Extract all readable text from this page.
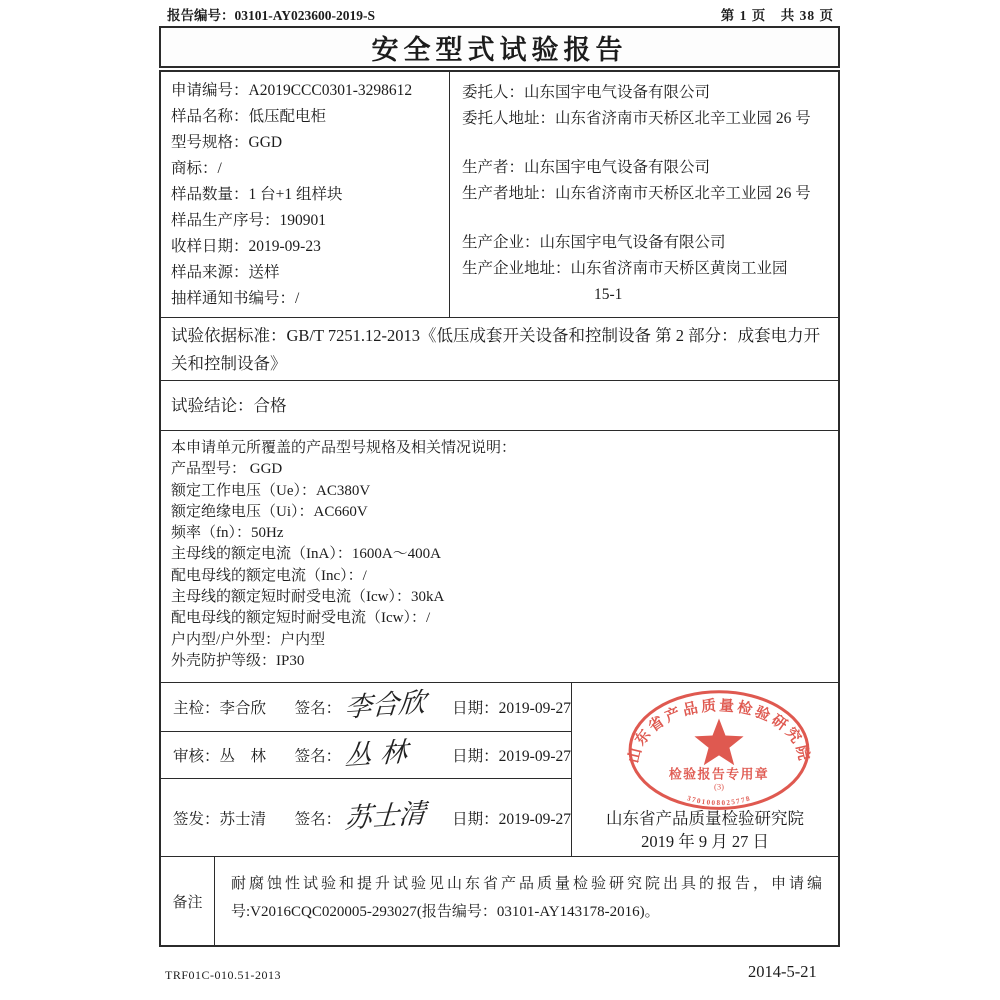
报告编号：03101-AY023600-2019-S	第 1 页　共 38 页
安全型式试验报告
申请编号：A2019CCC0301-3298612
样品名称：低压配电柜
型号规格：GGD
商标：/
样品数量：1 台+1 组样块
样品生产序号：190901
收样日期：2019-09-23
样品来源：送样
抽样通知书编号：/
委托人：山东国宇电气设备有限公司
委托人地址：山东省济南市天桥区北辛工业园 26 号
生产者：山东国宇电气设备有限公司
生产者地址：山东省济南市天桥区北辛工业园 26 号
生产企业：山东国宇电气设备有限公司
生产企业地址：山东省济南市天桥区黄岗工业园
15-1
试验依据标准：GB/T 7251.12-2013《低压成套开关设备和控制设备 第 2 部分：成套电力开关和控制设备》
试验结论：合格
本申请单元所覆盖的产品型号规格及相关情况说明：
产品型号： GGD
额定工作电压（Ue）：AC380V
额定绝缘电压（Ui）：AC660V
频率（fn）：50Hz
主母线的额定电流（InA）：1600A～400A
配电母线的额定电流（Inc）：/
主母线的额定短时耐受电流（Icw）：30kA
配电母线的额定短时耐受电流（Icw）：/
户内型/户外型：户内型
外壳防护等级：IP30
主检：李合欣	签名： 李合欣 日期：2019-09-27
审核：丛　林	签名： 丛 林	日期：2019-09-27
签发：苏士清	签名： 苏士清 日期：2019-09-27
山东省产品质量检验研究院
检验报告专用章
(3)
3701008025778
山东省产品质量检验研究院
2019 年 9 月 27 日
备注
耐腐蚀性试验和提升试验见山东省产品质量检验研究院出具的报告，申请编号:V2016CQC020005-293027(报告编号：03101-AY143178-2016)。
TRF01C-010.51-2013	2014-5-21
